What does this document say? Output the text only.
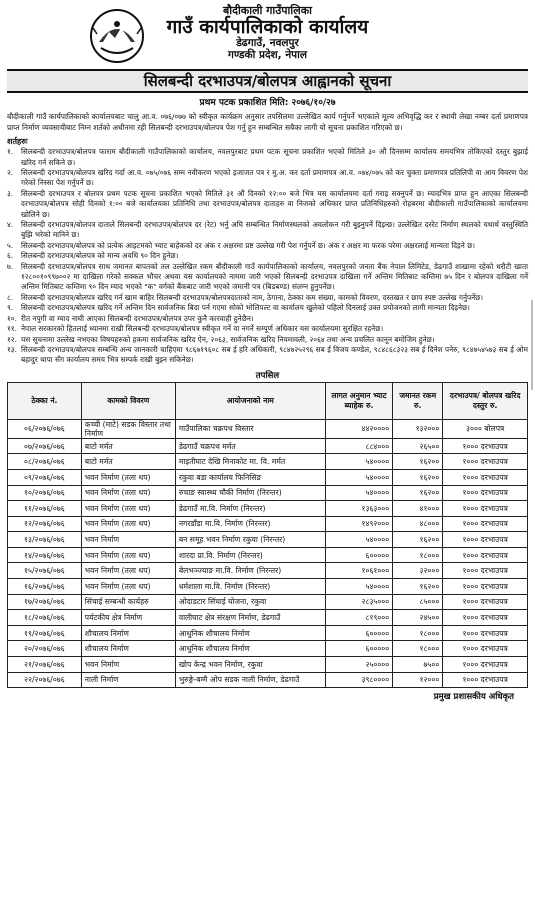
बौदीकाली गाउँपालिका
गाउँ कार्यपालिकाको कार्यालय
डेढगाउँ, नवलपुर
गण्डकी प्रदेश, नेपाल
सिलबन्दी दरभाउपत्र/बोलपत्र आह्वानको सूचना
प्रथम पटक प्रकाशित मिति: २०७६/१०/२७
बौदीकाली गाउँ कार्यपालिकाको कार्यालयबाट चालु आ.व. ०७६/०७७ को स्वीकृत कार्यक्रम अनुसार तपसिलमा उल्लेखित कार्य गर्नुपर्ने भएकाले मूल्य अभिवृद्धि कर र स्थायी लेखा नम्बर दर्ता प्रमाणपत्र प्राप्त निर्माण व्यवसायीबाट निम्न शर्तको अधीनमा रही सिलबन्दी दरभाउपत्र/बोलपत्र पेश गर्नु हुन सम्बन्धित सबैका लागी यो सूचना प्रकाशित गरिएको छ।
शर्तहरुः
१. सिलबन्दी दरभाउपत्र/बोलपत्र फाराम बौदीकाली गाउँपालिकाको कार्यालय, नवलपुरबाट प्रथम पटक सूचना प्रकाशित भएको मितिले ३० औं दिनसम्म कार्यालय समयभित्र तोकिएको दस्तुर बुझाई खरिद गर्न सकिने छ।
२. सिलबन्दी दरभाउपत्र/बोलपत्र खरिद गर्दा आ.व. ०७५/०७६ सम्म नवीकरण भएको इजाजत पत्र र मु.अ. कर दर्ता प्रमाणपत्र आ.व. ०७४/०७५ को कर चुक्ता प्रमाणपत्र प्रतिलिपी वा आय विवरण पेश गरेको निस्सा पेश गर्नुपर्ने छ।
३. सिलबन्दी दरभाउपत्र र बोलपत्र प्रथम पटक सूचना प्रकाशित भएको मितिले ३१ औं दिनको १२:०० बजे भित्र यस कार्यालयमा दर्ता गराइ सक्नुपर्ने छ। म्यादभित्र प्राप्त हुन आएका सिलबन्दी दरभाउपत्र/बोलपत्र सोही दिनको १:०० बजे कार्यालयका प्रतिनिधि तथा दरभाउपत्र/बोलपत्र दाताहरु वा निजको अधिकार प्राप्त प्रतिनिधिहरुको रोहबरमा बौदीकाली गाउँपालिकाको कार्यालयमा खोलिने छ।
४. सिलबन्दी दरभाउपत्र/बोलपत्र दाताले सिलबन्दी दरभाउपत्र/बोलपत्र दर (रेट) भर्नु अघि सम्बन्धित निर्माणस्थलको अवलोकन गरी बुझ्नुपर्ने दिइन्छ। उल्लेखित दररेट निर्माण स्थलको यथार्थ वस्तुस्थिति बुझि भरेको मानिने छ।
५. सिलबन्दी दरभाउपत्र/बोलपत्र को प्रत्येक आइटमको भ्याट बाहेकको दर अंक र अक्षरमा प्रष्ट उल्लेख गरी पेश गर्नुपर्ने छ। अंक र अक्षर मा फरक परेमा अक्षरलाई मान्यता दिइने छ।
६. सिलबन्दी दरभाउपत्र/बोलपत्र को मान्य अवधि ९० दिन हुनेछ।
७. सिलबन्दी दरभाउपत्र/बोलपत्र साथ जमानत बापतको तल उल्लेखित रकम बौदीकाली गाउँ कार्यपालिकाको कार्यालय, नवलपुरको जनता बैंक नेपाल लिमिटेड, डेढगाउँ शाखामा रहेको धरौटी खाता १२८००१०९९७००२ मा दाखिला गरेको सक्कल भौचर अथवा यस कार्यालयको नाममा जारी भएको सिलबन्दी दरभाउपत्र दाखिला गर्ने अन्तिम मितिबाट कम्तिमा ७५ दिन र बोलपत्र दाखिला गर्ने अन्तिम मितिबाट कम्तिमा ९० दिन म्याद भएको "क" वर्गको बैंकबाट जारी भएको जमानी पत्र (बिडबण्ड) संलग्न हुनुपर्नेछ।
८. सिलबन्दी दरभाउपत्र/बोलपत्र खरिद गर्न खाम बाहिर सिलबन्दी दरभाउपत्र/बोलपत्रदाताको नाम, ठेगाना, ठेक्का कम संख्या, कामको विवरण, दस्तखत र छाप स्पष्ट उल्लेख गर्नुपर्नेछ।
९. सिलबन्दी दरभाउपत्र/बोलपत्र खरिद गर्ने अन्तिम दिन सार्वजनिक बिदा पर्न गएमा सोको भोलिपल्ट वा कार्यालय खुलेको पहिलो दिनलाई उक्त प्रयोजनको लागी मान्यता दिइनेछ।
१०. रीत नपुगी वा म्याद नाघी आएका सिलबन्दी दरभाउपत्र/बोलपत्र उपर कुनै कारवाही हुनेछैन।
११. नेपाल सरकारको हितलाई ध्यानमा राखी सिलबन्दी दरभाउपत्र/बोलपत्र स्वीकृत गर्ने वा नगर्ने सम्पूर्ण अधिकार यस कार्यालयमा सुरक्षित रहनेछ।
१२. यस सूचनामा उल्लेख नभएका विषयहरुको हकमा सार्वजनिक खरिद ऐन, २०६३, सार्वजनिक खरिद नियमावली, २०६४ तथा अन्य प्रचलित कानून बमोजिम हुनेछ।
१३. सिलबन्दी दरभाउपत्र/बोलपत्र सम्बन्धि अन्य जानकारी चाहिएमा ९८६७१९६०८ सब ई हरि अधिकारी, ९८४७२५२९६ सब ई विजय कण्डेल, ९८४८६८३२३ सब ई दिनेश पनेरु, ९८४७५४५७३ सब ई ओम बहादुर थापा सँग कार्यालय समय भित्र सम्पर्क राखी बुझ्न सकिनेछ।
तपसिल
ठेक्का नं.	कामको विवरण	आयोजनाको नाम	लागत अनुमान भ्याट ब्याहेक रु.	जमानत रकम रु.	दरभाउपत्र/ बोलपत्र खरिद दस्तुर रु.
०६/२०७६/०७६	कच्ची (माटे) सडक विस्तार तथा निर्माण	गाउँपालिका चक्रपथ विस्तार	४४२००००	१३२०००	३००० बोलपत्र
०७/२०७६/०७६	बाटो मर्मत	डेढगाउँ चक्रपथ मर्मत	८८४०००	२६५००	१००० दरभाउपत्र
०८/२०७६/०७६	बाटो मर्मत	माइतीघाट देखि मिनाकोट मा. वि. मर्मत	५४००००	१६२००	१००० दरभाउपत्र
०९/२०७६/०७६	भवन निर्माण (तला थप)	रकुवा बडा कार्यालय फिनिसिङ	५४००००	१६२००	१००० दरभाउपत्र
१०/२०७६/०७६	भवन निर्माण (तला थप)	रुचाङ स्वास्थ्य चौकी निर्माण (निरन्तर)	५४००००	१६२००	१००० दरभाउपत्र
११/२०७६/०७६	भवन निर्माण (तला थप)	डेढगाउँ मा.वि. निर्माण (निरन्तर)	१३६३०००	४१०००	१००० दरभाउपत्र
१२/२०७६/०७६	भवन निर्माण (तला थप)	नगरडाँडा मा.वि. निर्माण (निरन्तर)	१४९२०००	४८०००	१००० दरभाउपत्र
१३/२०७६/०७६	भवन निर्माण	बन समूह भवन निर्माण रकुवा (निरन्तर)	५४००००	१६२००	१००० दरभाउपत्र
१४/२०७६/०७६	भवन निर्माण (तला थप)	शारदा प्रा.वि. निर्माण (निरन्तर)	६०००००	१८०००	१००० दरभाउपत्र
१५/२०७६/०७६	भवन निर्माण (तला थप)	बेलभञ्ज्याङ मा.वि. निर्माण (निरन्तर)	१०६१०००	३२०००	१००० दरभाउपत्र
१६/२०७६/०७६	भवन निर्माण (तला थप)	धर्मशाला मा.वि. निर्माण (निरन्तर)	५४००००	१६२००	१००० दरभाउपत्र
१७/२०७६/०७६	सिंचाई सम्बन्धी कार्यहरु	ओदाडटार सिंचाई योजना, रकुवा	२८३५०००	८५०००	१००० दरभाउपत्र
१८/२०७६/०७६	पर्यटकीय क्षेत्र निर्माण	वालीघाट क्षेत्र संरक्षण निर्माण, डेढगाउँ	८१९०००	२४५००	१००० दरभाउपत्र
१९/२०७६/०७६	शौचालय निर्माण	आधुनिक शौचालय निर्माण	६०००००	१८०००	१००० दरभाउपत्र
२०/२०७६/०७६	शौचालय निर्माण	आधुनिक शौचालय निर्माण	६०००००	१८०००	१००० दरभाउपत्र
२१/२०७६/०७६	भवन निर्माण	खोप केन्द्र भवन निर्माण, रकुवा	२५००००	७५००	१००० दरभाउपत्र
२२/२०७६/०७६	नाली निर्माण	भुरुङ्गे-बम्मै ओप सडक नाली निर्माण, डेढगाउँ	३९८००००	१२०००	१००० दरभाउपत्र
प्रमुख प्रशासकीय अधिकृत
